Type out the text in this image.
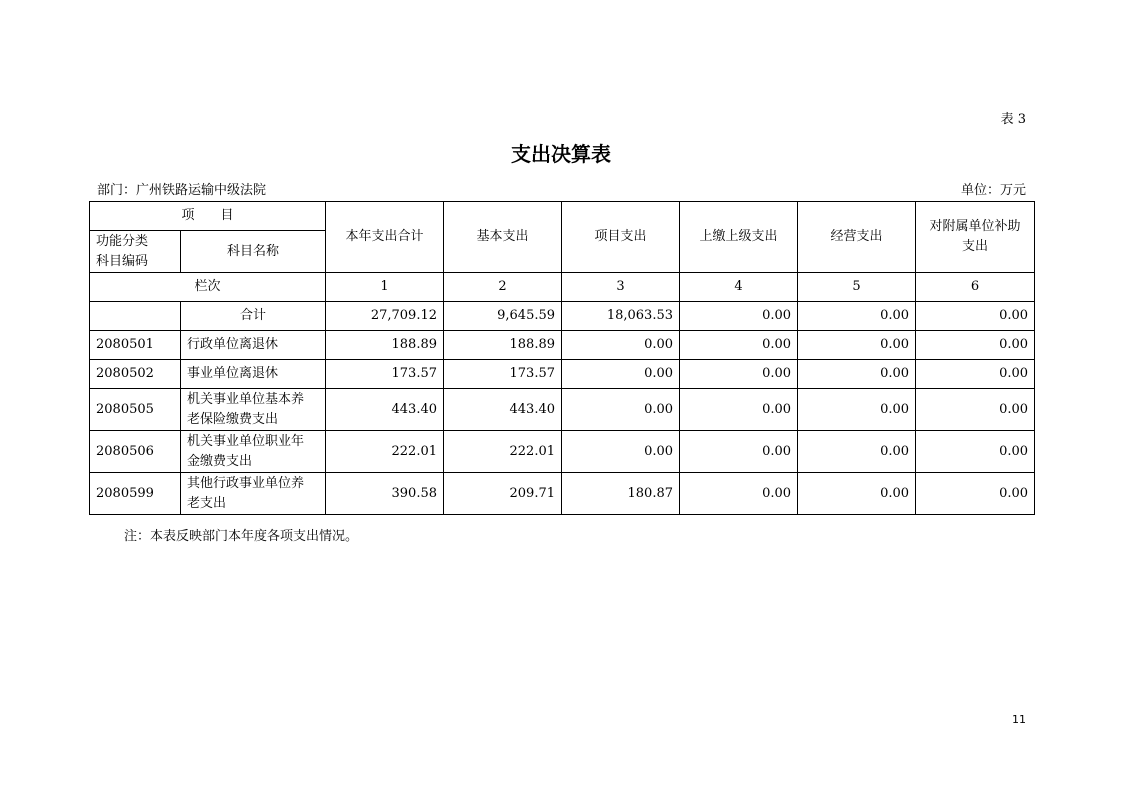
表 3
支出决算表
部门：广州铁路运输中级法院	单位：万元
项　　目		本年支出合计	基本支出	项目支出	上缴上级支出	经营支出	对附属单位补助
支出
功能分类
科目编码	科目名称						
栏次		1	2	3	4	5	6
	合计	27,709.12	9,645.59	18,063.53	0.00	0.00	0.00
2080501	行政单位离退休	188.89	188.89	0.00	0.00	0.00	0.00
2080502	事业单位离退休	173.57	173.57	0.00	0.00	0.00	0.00
2080505	机关事业单位基本养
老保险缴费支出	443.40	443.40	0.00	0.00	0.00	0.00
2080506	机关事业单位职业年
金缴费支出	222.01	222.01	0.00	0.00	0.00	0.00
2080599	其他行政事业单位养
老支出	390.58	209.71	180.87	0.00	0.00	0.00
注：本表反映部门本年度各项支出情况。
11
